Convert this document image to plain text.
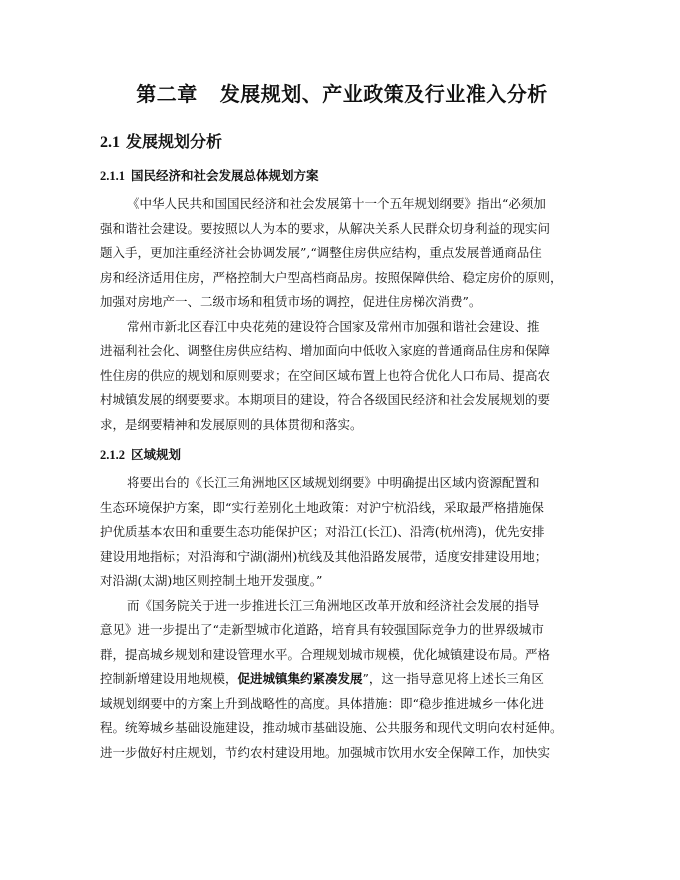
第二章 发展规划、产业政策及行业准入分析
2.1 发展规划分析
2.1.1 国民经济和社会发展总体规划方案
《中华人民共和国国民经济和社会发展第十一个五年规划纲要》指出“必须加
强和谐社会建设。要按照以人为本的要求，从解决关系人民群众切身利益的现实问
题入手，更加注重经济社会协调发展”,“调整住房供应结构，重点发展普通商品住
房和经济适用住房，严格控制大户型高档商品房。按照保障供给、稳定房价的原则，
加强对房地产一、二级市场和租赁市场的调控，促进住房梯次消费”。
常州市新北区春江中央花苑的建设符合国家及常州市加强和谐社会建设、推
进福利社会化、调整住房供应结构、增加面向中低收入家庭的普通商品住房和保障
性住房的供应的规划和原则要求；在空间区域布置上也符合优化人口布局、提高农
村城镇发展的纲要要求。本期项目的建设，符合各级国民经济和社会发展规划的要
求，是纲要精神和发展原则的具体贯彻和落实。
2.1.2 区域规划
将要出台的《长江三角洲地区区域规划纲要》中明确提出区域内资源配置和
生态环境保护方案，即“实行差别化土地政策：对沪宁杭沿线，采取最严格措施保
护优质基本农田和重要生态功能保护区；对沿江(长江)、沿湾(杭州湾)，优先安排
建设用地指标；对沿海和宁湖(湖州)杭线及其他沿路发展带，适度安排建设用地；
对沿湖(太湖)地区则控制土地开发强度。”
而《国务院关于进一步推进长江三角洲地区改革开放和经济社会发展的指导
意见》进一步提出了“走新型城市化道路，培育具有较强国际竞争力的世界级城市
群，提高城乡规划和建设管理水平。合理规划城市规模，优化城镇建设布局。严格
控制新增建设用地规模，促进城镇集约紧凑发展”，这一指导意见将上述长三角区
域规划纲要中的方案上升到战略性的高度。具体措施：即“稳步推进城乡一体化进
程。统筹城乡基础设施建设，推动城市基础设施、公共服务和现代文明向农村延伸。
进一步做好村庄规划，节约农村建设用地。加强城市饮用水安全保障工作，加快实
